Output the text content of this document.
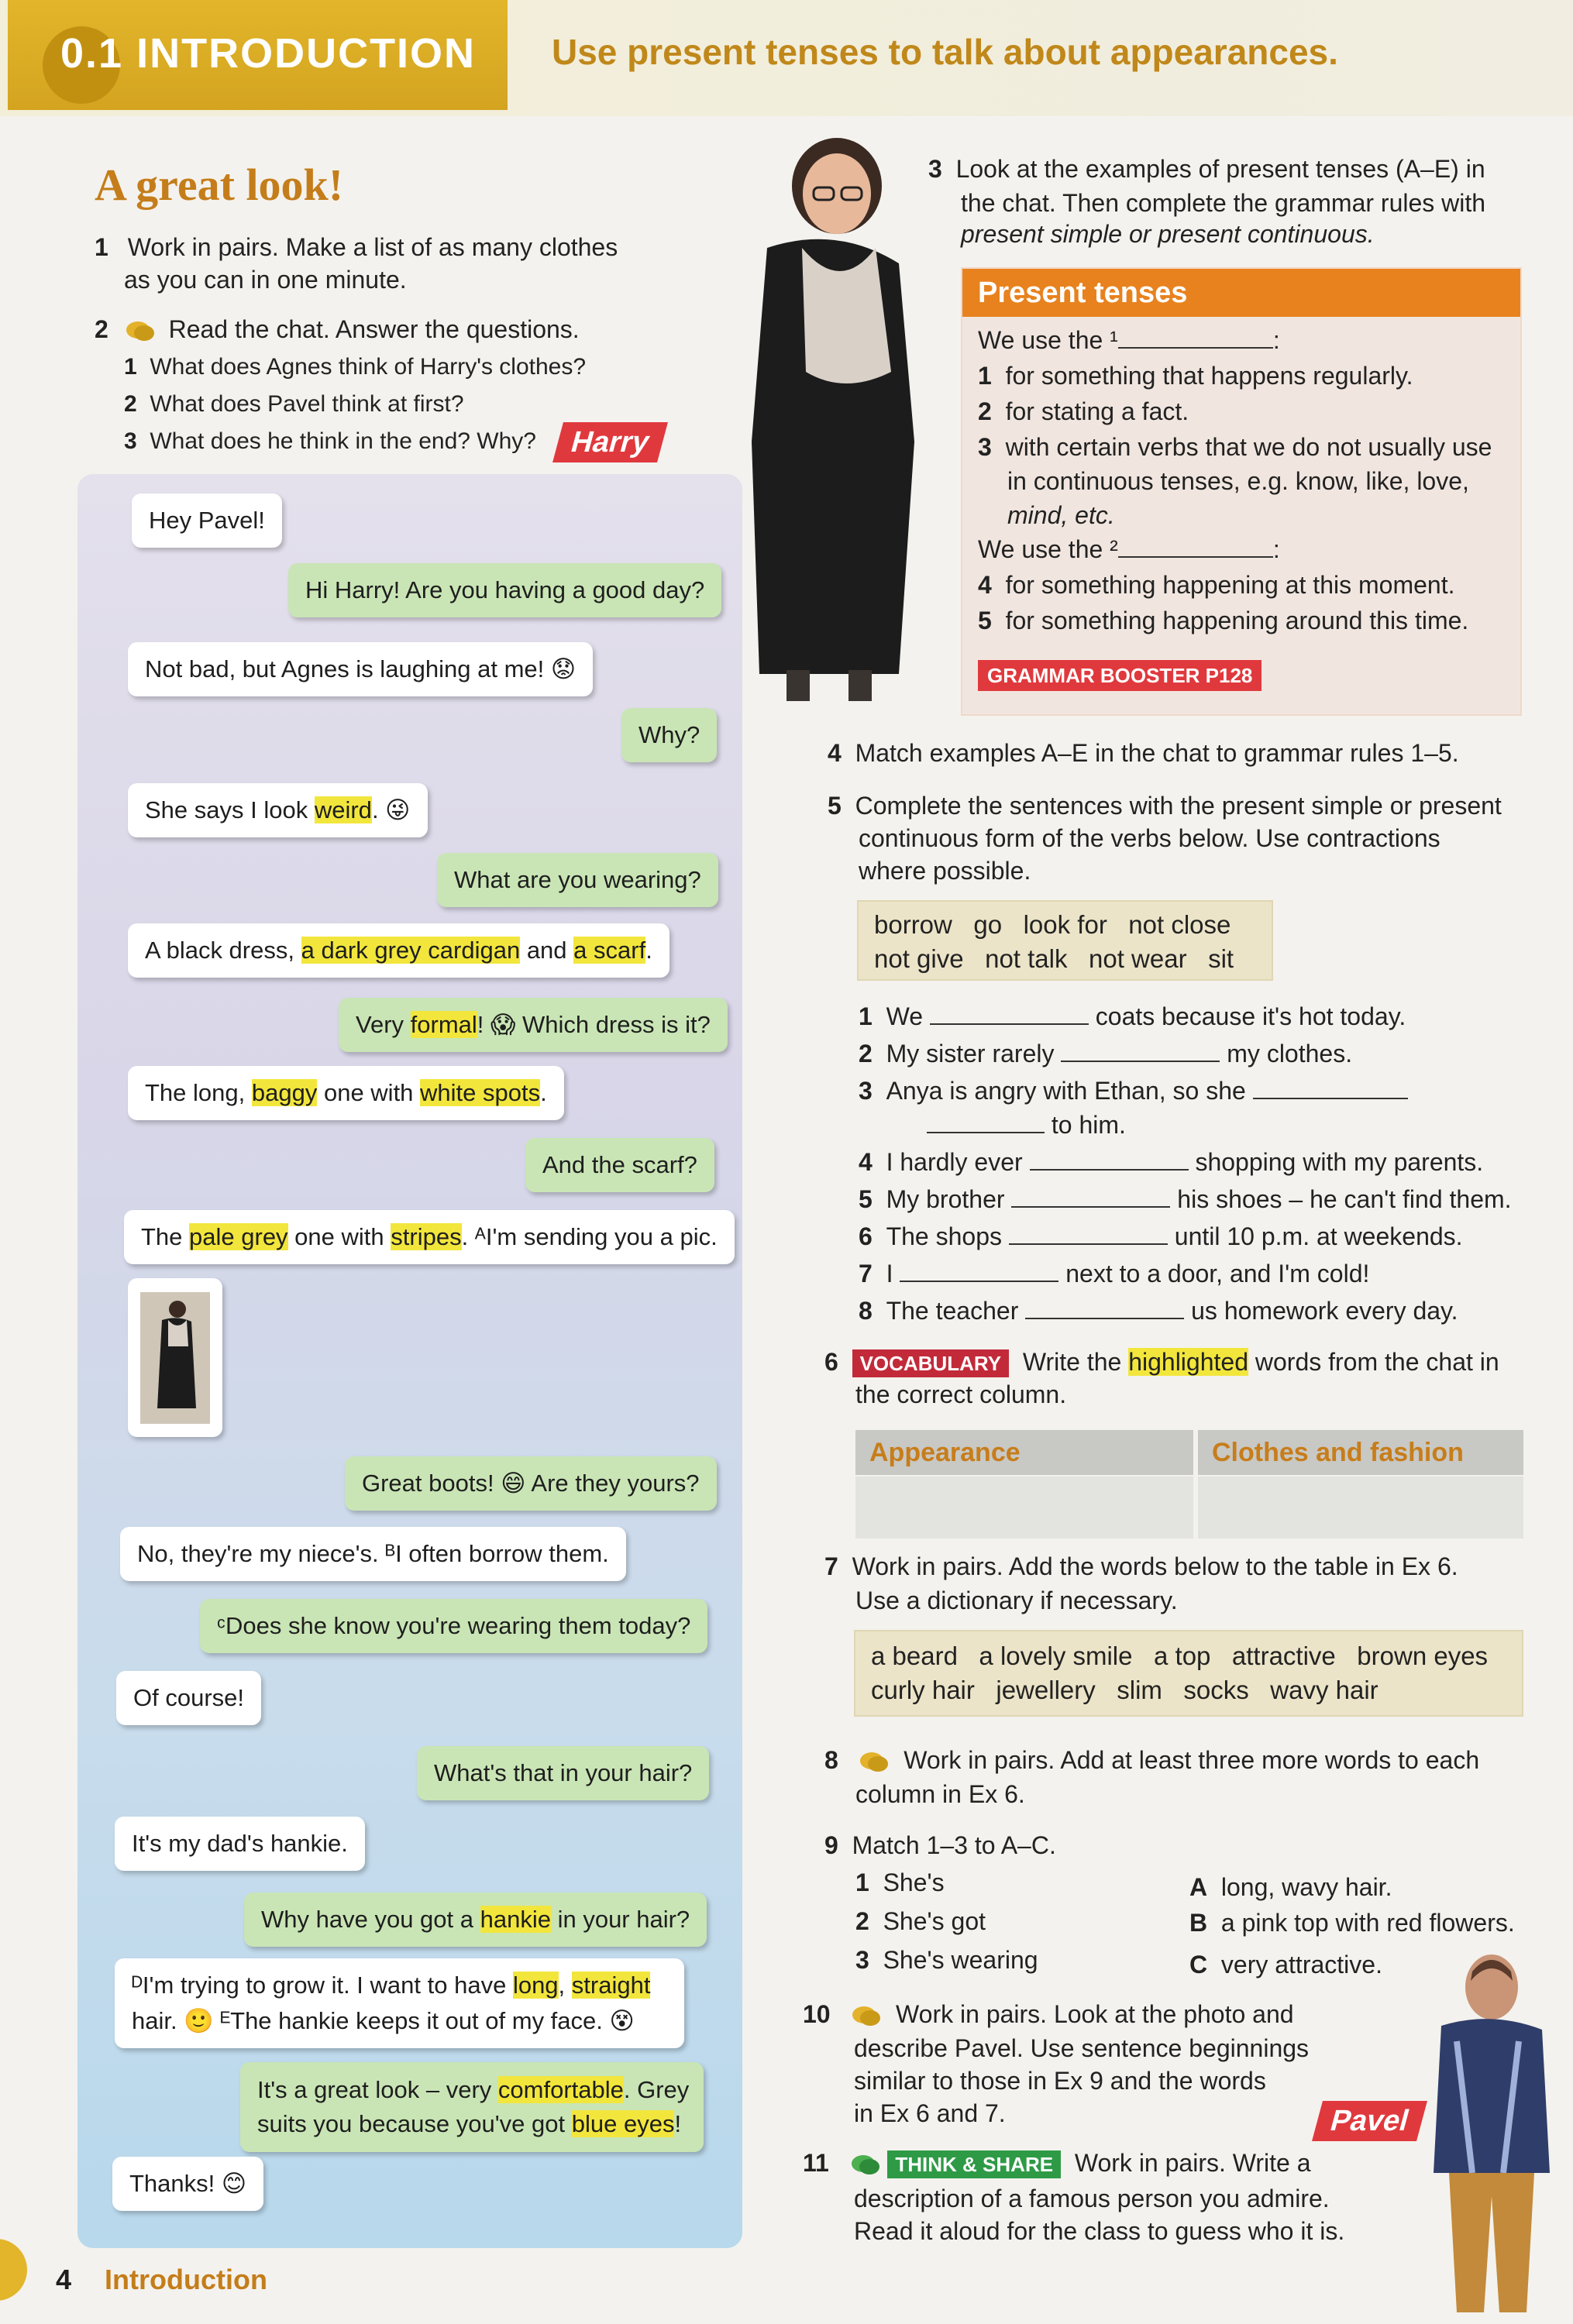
0.1 INTRODUCTION Use present tenses to talk about appearances.
A great look!
1 Work in pairs. Make a list of as many clothes
as you can in one minute.
2 Read the chat. Answer the questions.
1 What does Agnes think of Harry's clothes?
2 What does Pavel think at first?
3 What does he think in the end? Why?	Harry
Hey Pavel!
Hi Harry! Are you having a good day?
Not bad, but Agnes is laughing at me! 😟
Why?
She says I look weird. 😜
What are you wearing?
A black dress, a dark grey cardigan and a scarf.
Very formal! 😱 Which dress is it?
The long, baggy one with white spots.
And the scarf?
The pale grey one with stripes. ᴬI'm sending you a pic.
Great boots! 😄 Are they yours?
No, they're my niece's. ᴮI often borrow them.
ᶜDoes she know you're wearing them today?
Of course!
What's that in your hair?
It's my dad's hankie.
Why have you got a hankie in your hair?
ᴰI'm trying to grow it. I want to have long, straight
hair. 🙂 ᴱThe hankie keeps it out of my face. 😵
It's a great look – very comfortable. Grey
suits you because you've got blue eyes!
Thanks! 😊
3 Look at the examples of present tenses (A–E) in
the chat. Then complete the grammar rules with
present simple or present continuous.
Present tenses
We use the ¹	:
1 for something that happens regularly.
2 for stating a fact.
3 with certain verbs that we do not usually use
in continuous tenses, e.g. know, like, love,
mind, etc.
We use the ²	:
4 for something happening at this moment.
5 for something happening around this time.
GRAMMAR BOOSTER P128
4 Match examples A–E in the chat to grammar rules 1–5.
5 Complete the sentences with the present simple or present
continuous form of the verbs below. Use contractions
where possible.
borrow   go   look for   not close
not give   not talk   not wear   sit
1 We	coats because it's hot today.
2 My sister rarely	my clothes.
3 Anya is angry with Ethan, so she
to him.
4 I hardly ever	shopping with my parents.
5 My brother	his shoes – he can't find them.
6 The shops	until 10 p.m. at weekends.
7 I	next to a door, and I'm cold!
8 The teacher	us homework every day.
6 VOCABULARY Write the highlighted words from the chat in
the correct column.
Appearance	Clothes and fashion
7 Work in pairs. Add the words below to the table in Ex 6.
Use a dictionary if necessary.
a beard   a lovely smile   a top   attractive   brown eyes
curly hair   jewellery   slim   socks   wavy hair
8	Work in pairs. Add at least three more words to each
column in Ex 6.
9 Match 1–3 to A–C.
1 She's
2 She's got
3 She's wearing
A long, wavy hair.
B a pink top with red flowers.
C very attractive.
10	Work in pairs. Look at the photo and
describe Pavel. Use sentence beginnings
similar to those in Ex 9 and the words
in Ex 6 and 7.
11	THINK & SHARE Work in pairs. Write a
description of a famous person you admire.
Read it aloud for the class to guess who it is.
Pavel
4 Introduction
